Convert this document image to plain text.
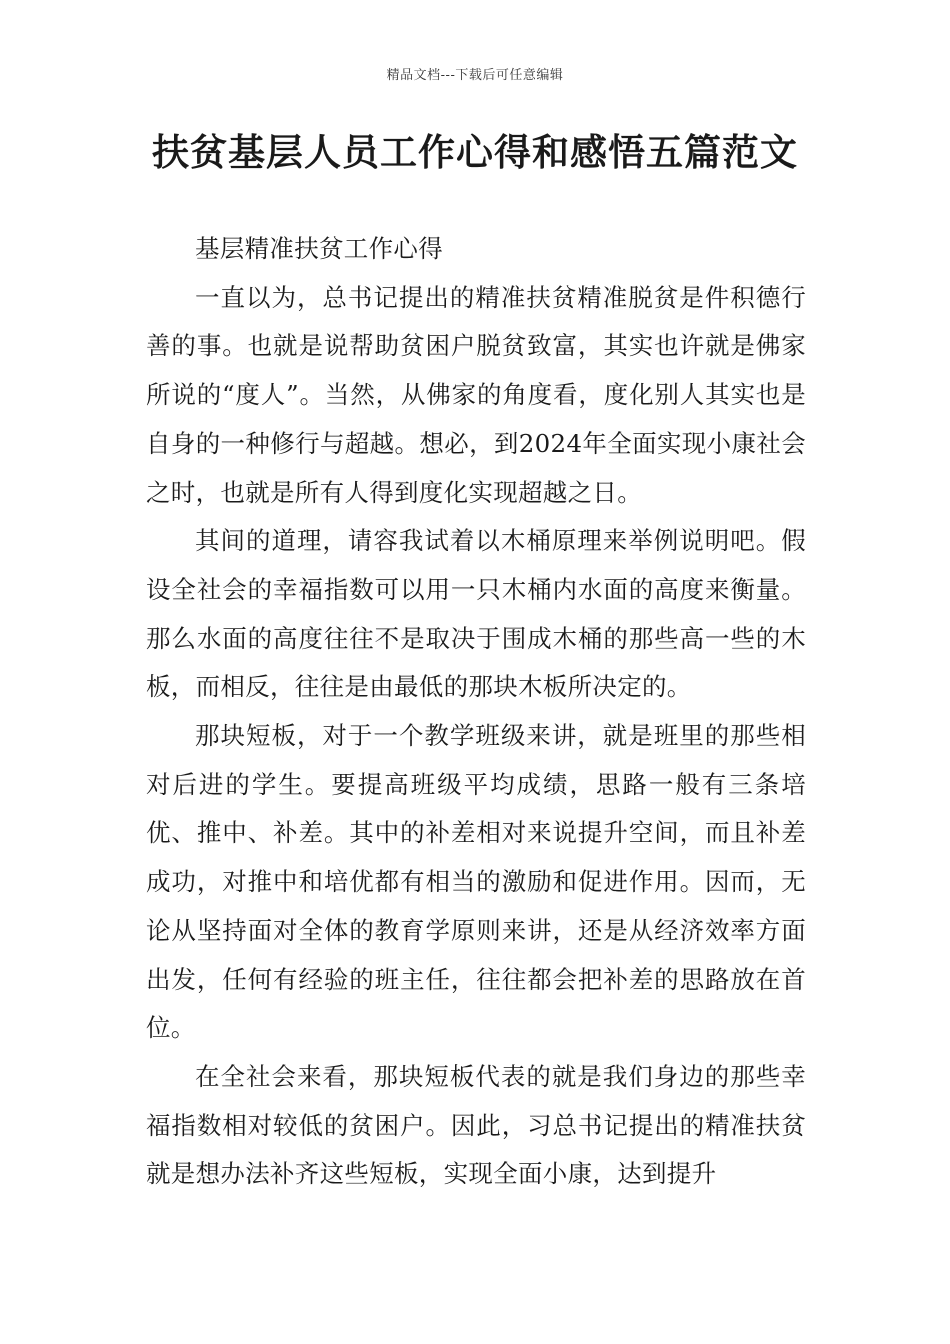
精品文档---下载后可任意编辑
扶贫基层人员工作心得和感悟五篇范文

基层精准扶贫工作心得

一直以为，总书记提出的精准扶贫精准脱贫是件积德行善的事。也就是说帮助贫困户脱贫致富，其实也许就是佛家所说的“度人”。当然，从佛家的角度看，度化别人其实也是自身的一种修行与超越。想必，到2024年全面实现小康社会之时，也就是所有人得到度化实现超越之日。

其间的道理，请容我试着以木桶原理来举例说明吧。假设全社会的幸福指数可以用一只木桶内水面的高度来衡量。那么水面的高度往往不是取决于围成木桶的那些高一些的木板，而相反，往往是由最低的那块木板所决定的。

那块短板，对于一个教学班级来讲，就是班里的那些相对后进的学生。要提高班级平均成绩，思路一般有三条培优、推中、补差。其中的补差相对来说提升空间，而且补差成功，对推中和培优都有相当的激励和促进作用。因而，无论从坚持面对全体的教育学原则来讲，还是从经济效率方面出发，任何有经验的班主任，往往都会把补差的思路放在首位。

在全社会来看，那块短板代表的就是我们身边的那些幸福指数相对较低的贫困户。因此，习总书记提出的精准扶贫就是想办法补齐这些短板，实现全面小康，达到提升
